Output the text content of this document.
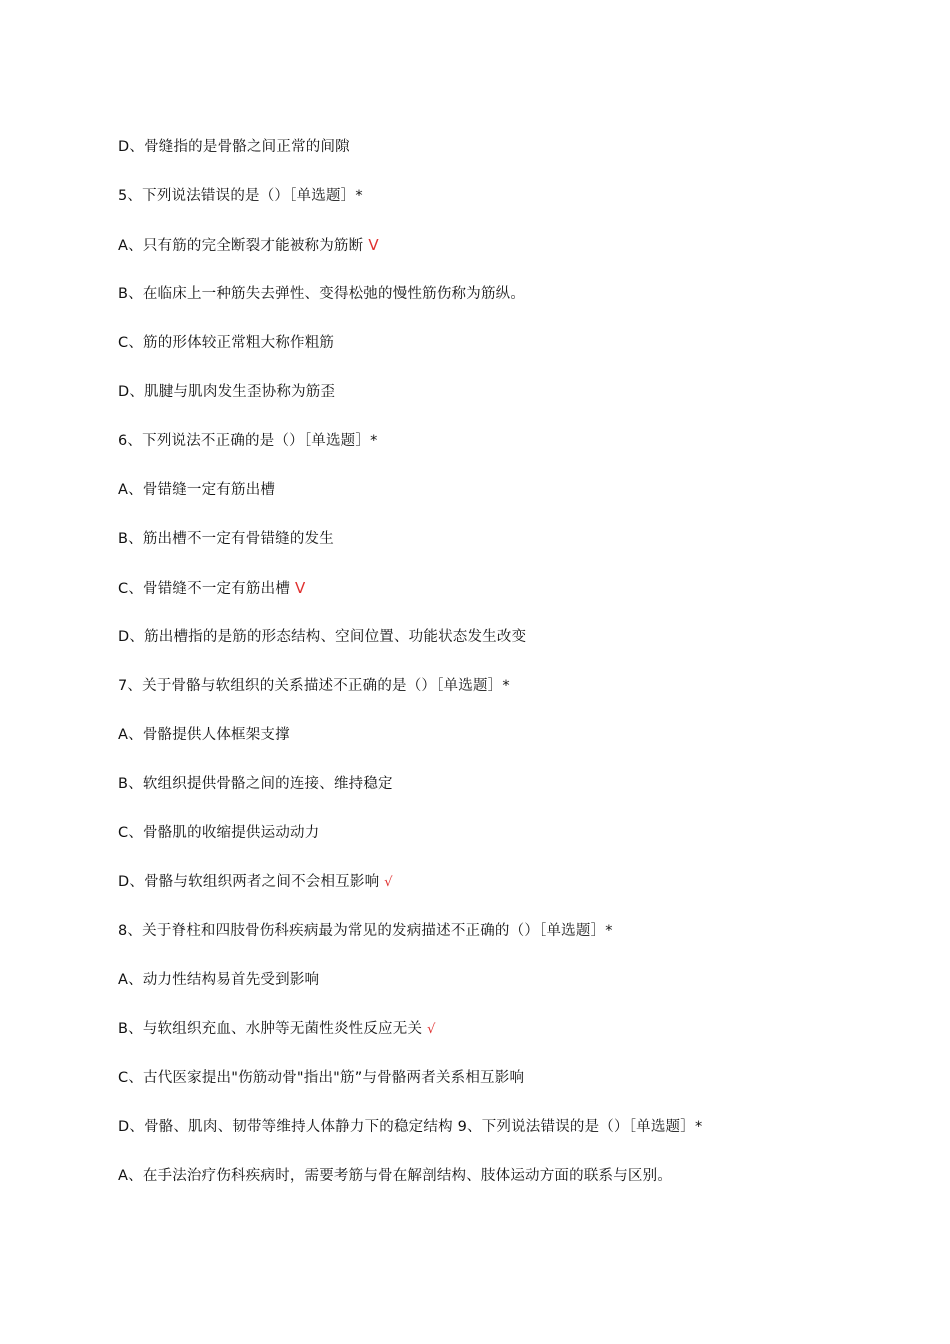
D、骨缝指的是骨骼之间正常的间隙
5、下列说法错误的是（）［单选题］*
A、只有筋的完全断裂才能被称为筋断 V
B、在临床上一种筋失去弹性、变得松弛的慢性筋伤称为筋纵。
C、筋的形体较正常粗大称作粗筋
D、肌腱与肌肉发生歪协称为筋歪
6、下列说法不正确的是（）［单选题］*
A、骨错缝一定有筋出槽
B、筋出槽不一定有骨错缝的发生
C、骨错缝不一定有筋出槽 V
D、筋出槽指的是筋的形态结构、空间位置、功能状态发生改变
7、关于骨骼与软组织的关系描述不正确的是（）［单选题］*
A、骨骼提供人体框架支撑
B、软组织提供骨骼之间的连接、维持稳定
C、骨骼肌的收缩提供运动动力
D、骨骼与软组织两者之间不会相互影响 √
8、关于脊柱和四肢骨伤科疾病最为常见的发病描述不正确的（）［单选题］*
A、动力性结构易首先受到影响
B、与软组织充血、水肿等无菌性炎性反应无关 √
C、古代医家提出"伤筋动骨"指出"筋”与骨骼两者关系相互影响
D、骨骼、肌肉、韧带等维持人体静力下的稳定结构 9、下列说法错误的是（）［单选题］*
A、在手法治疗伤科疾病时，需要考筋与骨在解剖结构、肢体运动方面的联系与区别。
